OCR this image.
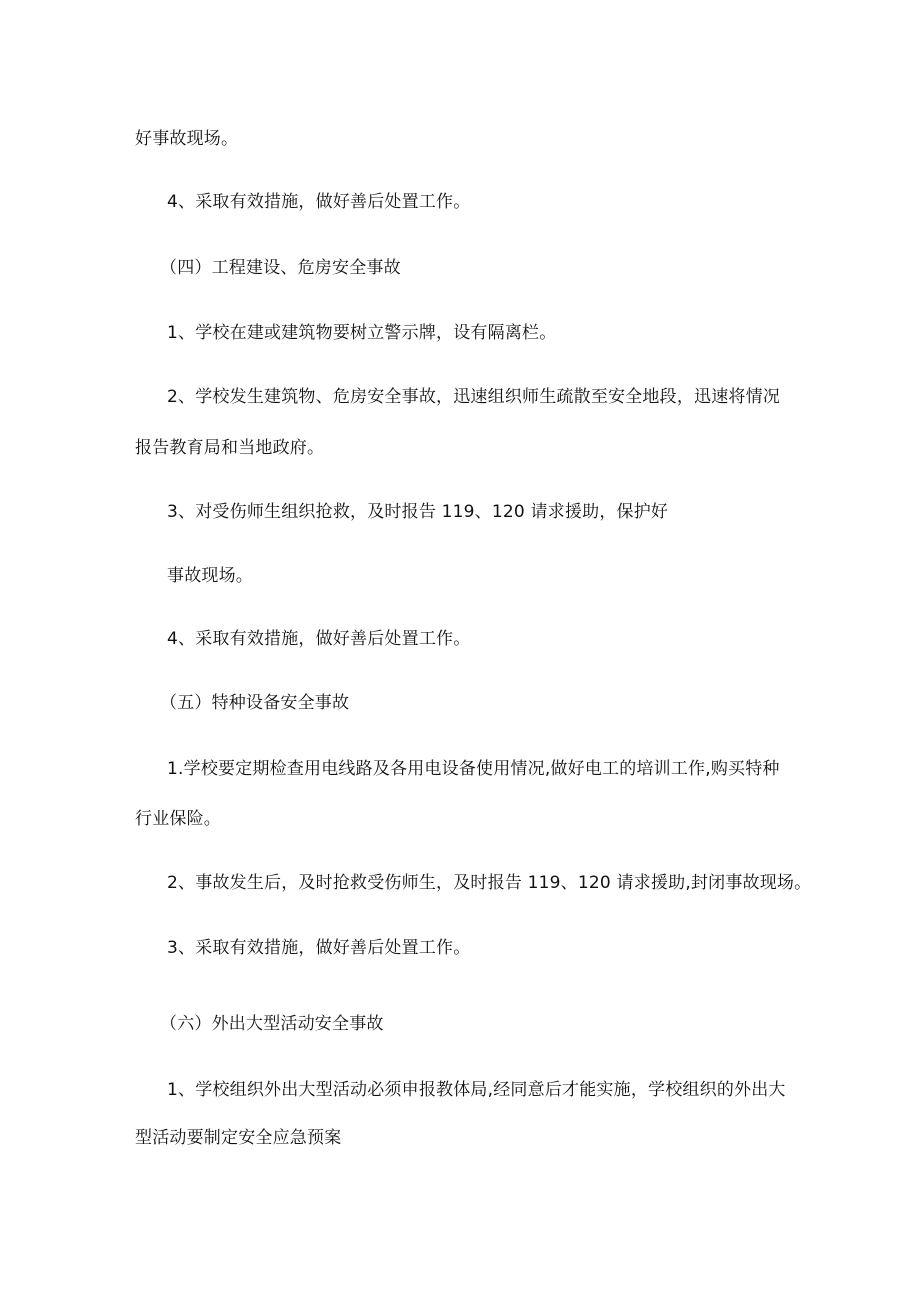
好事故现场。
4、采取有效措施，做好善后处置工作。
（四）工程建设、危房安全事故
1、学校在建或建筑物要树立警示牌，设有隔离栏。
2、学校发生建筑物、危房安全事故，迅速组织师生疏散至安全地段，迅速将情况
报告教育局和当地政府。
3、对受伤师生组织抢救，及时报告 119、120 请求援助，保护好
事故现场。
4、采取有效措施，做好善后处置工作。
（五）特种设备安全事故
1.学校要定期检查用电线路及各用电设备使用情况,做好电工的培训工作,购买特种
行业保险。
2、事故发生后，及时抢救受伤师生，及时报告 119、120 请求援助,封闭事故现场。
3、采取有效措施，做好善后处置工作。
（六）外出大型活动安全事故
1、学校组织外出大型活动必须申报教体局,经同意后才能实施，学校组织的外出大
型活动要制定安全应急预案
